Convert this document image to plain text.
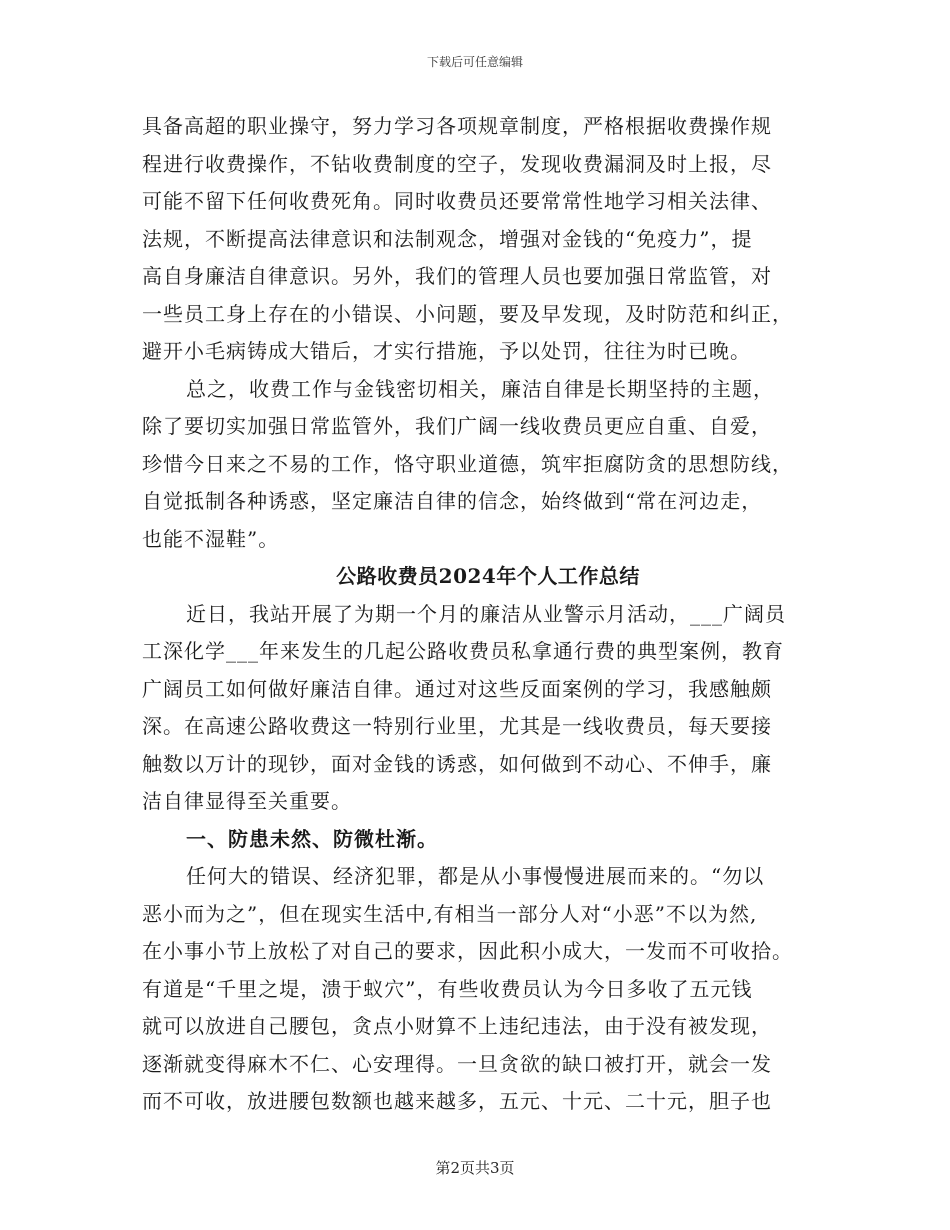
下载后可任意编辑
具备高超的职业操守，努力学习各项规章制度，严格根据收费操作规
程进行收费操作，不钻收费制度的空子，发现收费漏洞及时上报，尽
可能不留下任何收费死角。同时收费员还要常常性地学习相关法律、
法规，不断提高法律意识和法制观念，增强对金钱的“免疫力”，提
高自身廉洁自律意识。另外，我们的管理人员也要加强日常监管，对
一些员工身上存在的小错误、小问题，要及早发现，及时防范和纠正，
避开小毛病铸成大错后，才实行措施，予以处罚，往往为时已晚。
总之，收费工作与金钱密切相关，廉洁自律是长期坚持的主题，
除了要切实加强日常监管外，我们广阔一线收费员更应自重、自爱，
珍惜今日来之不易的工作，恪守职业道德，筑牢拒腐防贪的思想防线，
自觉抵制各种诱惑，坚定廉洁自律的信念，始终做到“常在河边走，
也能不湿鞋”。
公路收费员2024年个人工作总结
近日，我站开展了为期一个月的廉洁从业警示月活动，___广阔员
工深化学___年来发生的几起公路收费员私拿通行费的典型案例，教育
广阔员工如何做好廉洁自律。通过对这些反面案例的学习，我感触颇
深。在高速公路收费这一特别行业里，尤其是一线收费员，每天要接
触数以万计的现钞，面对金钱的诱惑，如何做到不动心、不伸手，廉
洁自律显得至关重要。
一、防患未然、防微杜渐。
任何大的错误、经济犯罪，都是从小事慢慢进展而来的。“勿以
恶小而为之”，但在现实生活中,有相当一部分人对“小恶”不以为然,
在小事小节上放松了对自己的要求，因此积小成大，一发而不可收拾。
有道是“千里之堤，溃于蚁穴”，有些收费员认为今日多收了五元钱
就可以放进自己腰包，贪点小财算不上违纪违法，由于没有被发现，
逐渐就变得麻木不仁、心安理得。一旦贪欲的缺口被打开，就会一发
而不可收，放进腰包数额也越来越多，五元、十元、二十元，胆子也
第2页共3页
